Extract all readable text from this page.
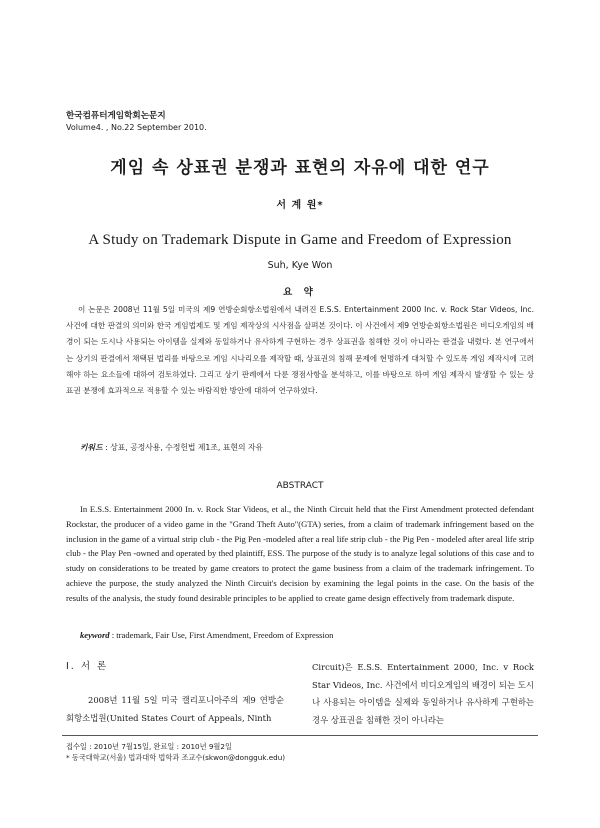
한국컴퓨터게임학회논문지
Volume4. , No.22 September 2010.
게임 속 상표권 분쟁과 표현의 자유에 대한 연구
서 계 원*
A Study on Trademark Dispute in Game and Freedom of Expression
Suh, Kye Won
요 약

이 논문은 2008년 11월 5일 미국의 제9 연방순회항소법원에서 내려진 E.S.S. Entertainment 2000 Inc. v. Rock Star Videos, Inc. 사건에 대한 판결의 의미와 한국 게임법제도 및 게임 제작상의 시사점을 살펴본 것이다. 이 사건에서 제9 연방순회항소법원은 비디오게임의 배경이 되는 도시나 사용되는 아이템을 실제와 동일하거나 유사하게 구현하는 경우 상표권을 침해한 것이 아니라는 판결을 내렸다. 본 연구에서는 상기의 판결에서 채택된 법리를 바탕으로 게임 시나리오를 제작할 때, 상표권의 침해 문제에 현명하게 대처할 수 있도록 게임 제작시에 고려해야 하는 요소들에 대하여 검토하였다. 그리고 상기 판례에서 다룬 쟁점사항을 분석하고, 이를 바탕으로 하여 게임 제작시 발생할 수 있는 상표권 분쟁에 효과적으로 적용할 수 있는 바람직한 방안에 대하여 연구하였다.

키워드 : 상표, 공정사용, 수정헌법 제1조, 표현의 자유
ABSTRACT

In E.S.S. Entertainment 2000 In. v. Rock Star Videos, et al., the Ninth Circuit held that the First Amendment protected defendant Rockstar, the producer of a video game in the "Grand Theft Auto"(GTA) series, from a claim of trademark infringement based on the inclusion in the game of a virtual strip club - the Pig Pen -modeled after a real life strip club - the Pig Pen - modeled after areal life strip club - the Play Pen -owned and operated by thed plaintiff, ESS. The purpose of the study is to analyze legal solutions of this case and to study on considerations to be treated by game creators to protect the game business from a claim of the trademark infringement. To achieve the purpose, the study analyzed the Ninth Circuit's decision by examining the legal points in the case. On the basis of the results of the analysis, the study found desirable principles to be applied to create game design effectively from trademark dispute.

keyword : trademark, Fair Use, First Amendment, Freedom of Expression
Ⅰ. 서 론

2008년 11월 5일 미국 캘리포니아주의 제9 연방순회항소법원(United States Court of Appeals, Ninth

Circuit)은 E.S.S. Entertainment 2000, Inc. v Rock Star Videos, Inc. 사건에서 비디오게임의 배경이 되는 도시나 사용되는 아이템을 실제와 동일하거나 유사하게 구현하는 경우 상표권을 침해한 것이 아니라는

접수일 : 2010년 7월15일, 완료일 : 2010년 9월2일
* 동국대학교(서울) 법과대학 법학과 조교수(skwon@dongguk.edu)
